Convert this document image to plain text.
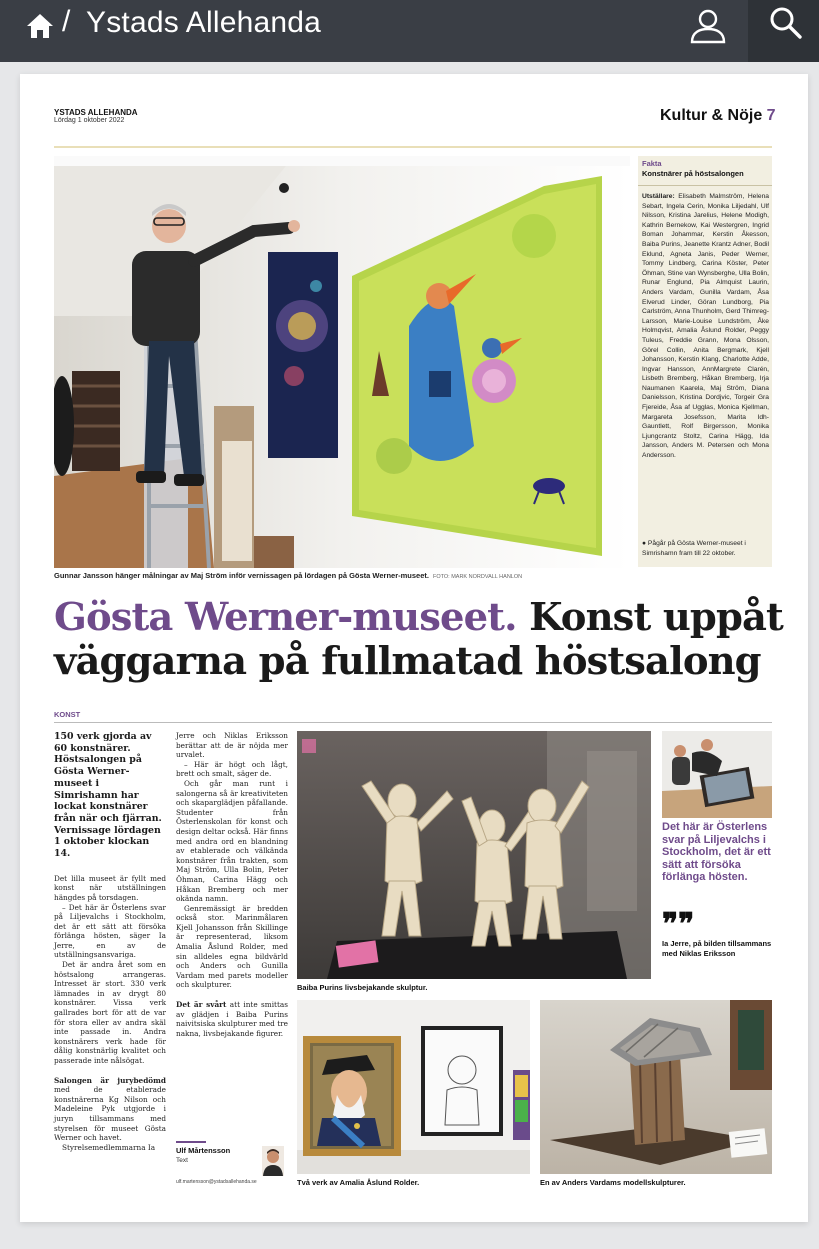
/ Ystads Allehanda
YSTADS ALLEHANDA
Lördag 1 oktober 2022	Kultur & Nöje 7
Gunnar Jansson hänger målningar av Maj Ström inför vernissagen på lördagen på Gösta Werner-museet. FOTO: MARK NORDVALL HANLON
Fakta
Konstnärer på höstsalongen
Utställare: Elisabeth Malmström, Helena Sebart, Ingela Cerin, Monika Liljedahl, Ulf Nilsson, Kristina Jarelius, Helene Modigh, Kathrin Bernekow, Kai Westergren, Ingrid Boman Johammar, Kerstin Åkesson, Baiba Purins, Jeanette Krantz Adner, Bodil Eklund, Agneta Janis, Peder Werner, Tommy Lindberg, Carina Köster, Peter Öhman, Stine van Wynsberghe, Ulla Bolin, Runar Englund, Pia Almquist Laurin, Anders Vardam, Gunilla Vardam, Åsa Elverud Linder, Göran Lundborg, Pia Carlström, Anna Thunholm, Gerd Thimreg-Larsson, Marie-Louise Lundström, Åke Holmqvist, Amalia Åslund Rolder, Peggy Tuleus, Freddie Grann, Mona Olsson, Görel Collin, Anita Bergmark, Kjell Johansson, Kerstin Klang, Charlotte Adde, Ingvar Hansson, AnnMargrete Clarén, Lisbeth Bremberg, Håkan Bremberg, Irja Naumanen Kaarela, Maj Ström, Diana Danielsson, Kristina Dordjvic, Torgeir Gra Fjereide, Åsa af Ugglas, Monica Kjellman, Margareta Josefsson, Marita Idh-Gauntlett, Rolf Birgersson, Monika Ljungcrantz Stoltz, Carina Hägg, Ida Jansson, Anders M. Petersen och Mona Andersson.
● Pågår på Gösta Werner-museet i Simrishamn fram till 22 oktober.
Gösta Werner-museet. Konst uppåt väggarna på fullmatad höstsalong
KONST

150 verk gjorda av 60 konstnärer. Höstsalongen på Gösta Werner-museet i Simrishamn har lockat konstnärer från när och fjärran. Vernissage lördagen 1 oktober klockan 14.

Det lilla museet är fyllt med konst när utställningen hängdes på torsdagen.

– Det här är Österlens svar på Liljevalchs i Stockholm, det är ett sätt att försöka förlänga hösten, säger Ia Jerre, en av de utställningsansvariga.

Det är andra året som en höstsalong arrangeras. Intresset är stort. 330 verk lämnades in av drygt 80 konstnärer. Vissa verk gallrades bort för att de var för stora eller av andra skäl inte passade in. Andra konstnärers verk hade för dålig konstnärlig kvalitet och passerade inte nålsögat.

Salongen är jurybedömd med de etablerade konstnärerna Kg Nilson och Madeleine Pyk utgjorde i juryn tillsammans med styrelsen för museet Gösta Werner och havet.

Styrelsemedlemmarna Ia

Jerre och Niklas Eriksson berättar att de är nöjda mer urvalet.

– Här är högt och lågt, brett och smalt, säger de.

Och går man runt i salongerna så är kreativiteten och skaparglädjen påfallande. Studenter från Österlenskolan för konst och design deltar också. Här finns med andra ord en blandning av etablerade och välkända konstnärer från trakten, som Maj Ström, Ulla Bolin, Peter Öhman, Carina Hägg och Håkan Bremberg och mer okända namn.

Genremässigt är bredden också stor. Marinmålaren Kjell Johansson från Skillinge är representerad, liksom Amalia Åslund Rolder, med sin alldeles egna bildvärld och Anders och Gunilla Vardam med parets modeller och skulpturer.

Det är svårt att inte smittas av glädjen i Baiba Purins naivitsiska skulpturer med tre nakna, livsbejakande figurer.

Ulf Mårtensson
Text
ulf.martensson@ystadsallehanda.se
Baiba Purins livsbejakande skulptur.
Det här är Österlens svar på Liljevalchs i Stockholm, det är ett sätt att försöka förlänga hösten.
❞❞
Ia Jerre, på bilden tillsammans med Niklas Eriksson
Två verk av Amalia Åslund Rolder.	En av Anders Vardams modellskulpturer.
